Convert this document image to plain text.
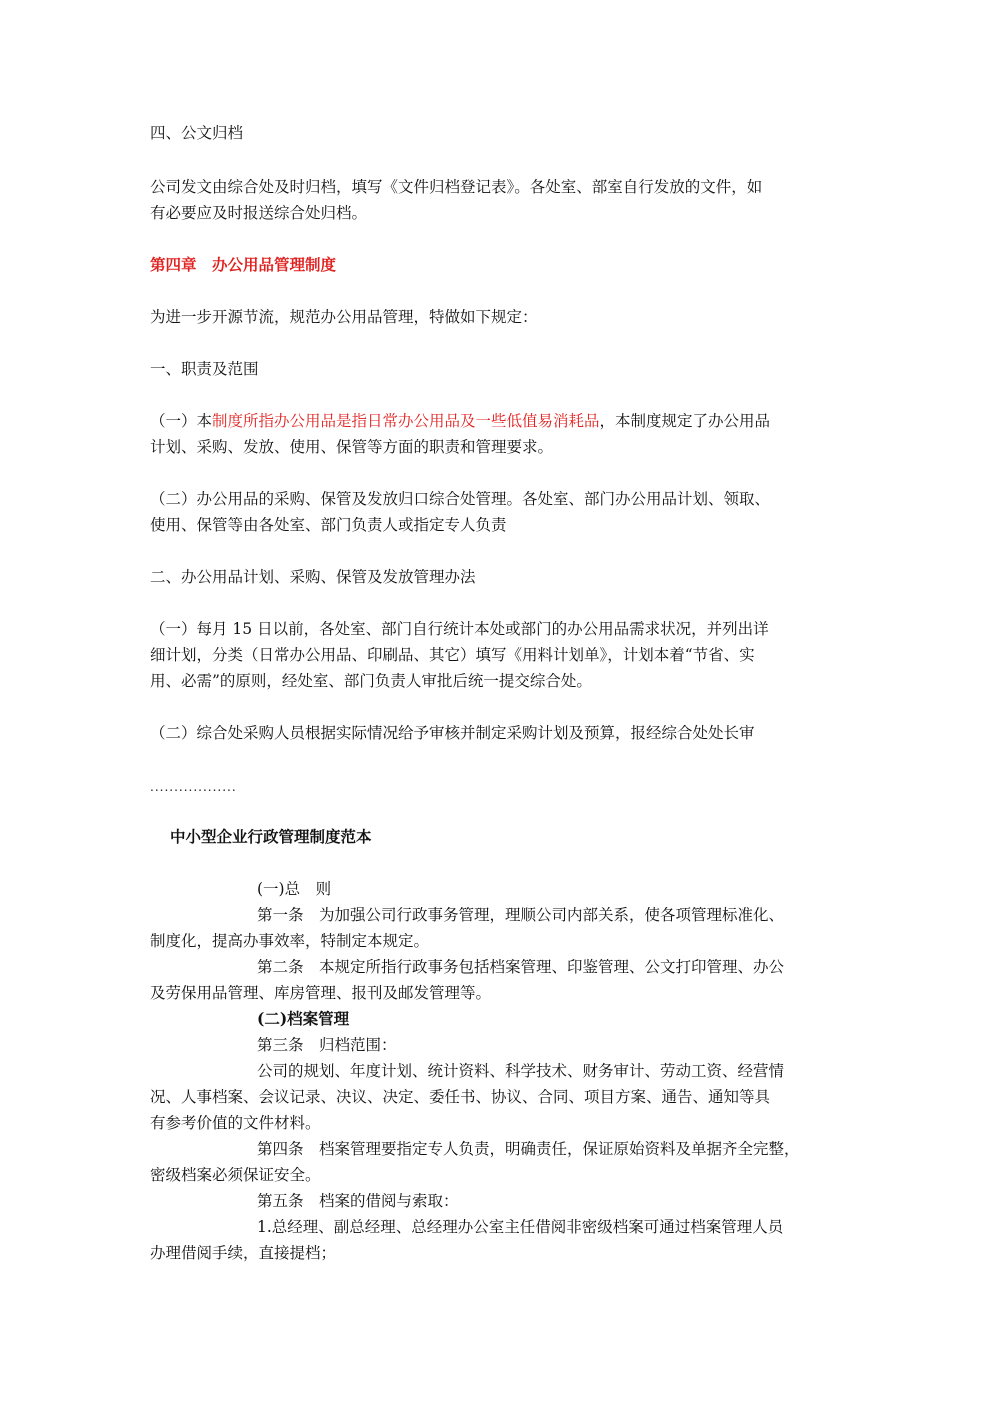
四、公文归档
公司发文由综合处及时归档，填写《文件归档登记表》。各处室、部室自行发放的文件，如
有必要应及时报送综合处归档。
第四章　办公用品管理制度
为进一步开源节流，规范办公用品管理，特做如下规定：
一、职责及范围
（一）本制度所指办公用品是指日常办公用品及一些低值易消耗品，本制度规定了办公用品
计划、采购、发放、使用、保管等方面的职责和管理要求。
（二）办公用品的采购、保管及发放归口综合处管理。各处室、部门办公用品计划、领取、
使用、保管等由各处室、部门负责人或指定专人负责
二、办公用品计划、采购、保管及发放管理办法
（一）每月 15 日以前，各处室、部门自行统计本处或部门的办公用品需求状况，并列出详
细计划，分类（日常办公用品、印刷品、其它）填写《用料计划单》，计划本着“节省、实
用、必需”的原则，经处室、部门负责人审批后统一提交综合处。
（二）综合处采购人员根据实际情况给予审核并制定采购计划及预算，报经综合处处长审
..................
中小型企业行政管理制度范本
(一)总　则
第一条　为加强公司行政事务管理，理顺公司内部关系，使各项管理标准化、
制度化，提高办事效率，特制定本规定。
第二条　本规定所指行政事务包括档案管理、印鉴管理、公文打印管理、办公
及劳保用品管理、库房管理、报刊及邮发管理等。
(二)档案管理
第三条　归档范围：
公司的规划、年度计划、统计资料、科学技术、财务审计、劳动工资、经营情
况、人事档案、会议记录、决议、决定、委任书、协议、合同、项目方案、通告、通知等具
有参考价值的文件材料。
第四条　档案管理要指定专人负责，明确责任，保证原始资料及单据齐全完整，
密级档案必须保证安全。
第五条　档案的借阅与索取：
1.总经理、副总经理、总经理办公室主任借阅非密级档案可通过档案管理人员
办理借阅手续，直接提档；
